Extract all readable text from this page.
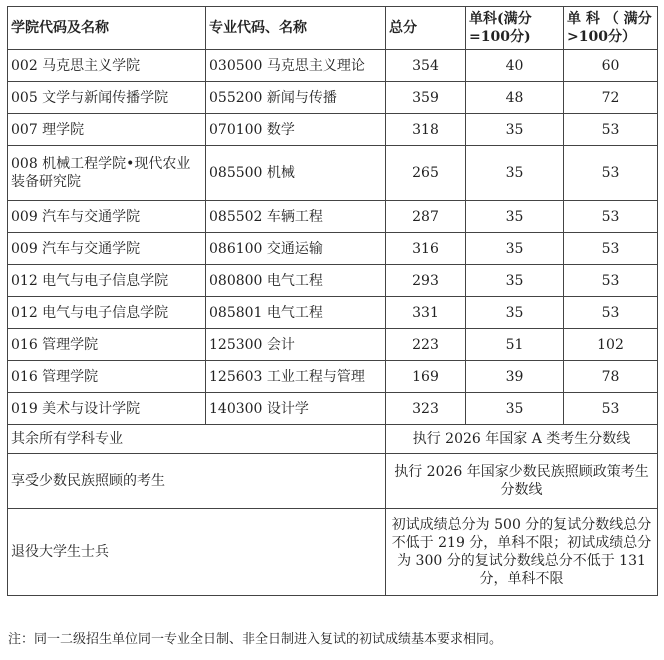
学院代码及名称	专业代码、名称	总分	单科(满分=100分)	单 科 （ 满分>100分）
002 马克思主义学院	030500 马克思主义理论	354	40	60
005 文学与新闻传播学院	055200 新闻与传播	359	48	72
007 理学院	070100 数学	318	35	53
008 机械工程学院•现代农业装备研究院	085500 机械	265	35	53
009 汽车与交通学院	085502 车辆工程	287	35	53
009 汽车与交通学院	086100 交通运输	316	35	53
012 电气与电子信息学院	080800 电气工程	293	35	53
012 电气与电子信息学院	085801 电气工程	331	35	53
016 管理学院	125300 会计	223	51	102
016 管理学院	125603 工业工程与管理	169	39	78
019 美术与设计学院	140300 设计学	323	35	53
其余所有学科专业		执行 2026 年国家 A 类考生分数线		
享受少数民族照顾的考生		执行 2026 年国家少数民族照顾政策考生分数线		
退役大学生士兵		初试成绩总分为 500 分的复试分数线总分不低于 219 分，单科不限；初试成绩总分为 300 分的复试分数线总分不低于 131 分，单科不限		
注：同一二级招生单位同一专业全日制、非全日制进入复试的初试成绩基本要求相同。
